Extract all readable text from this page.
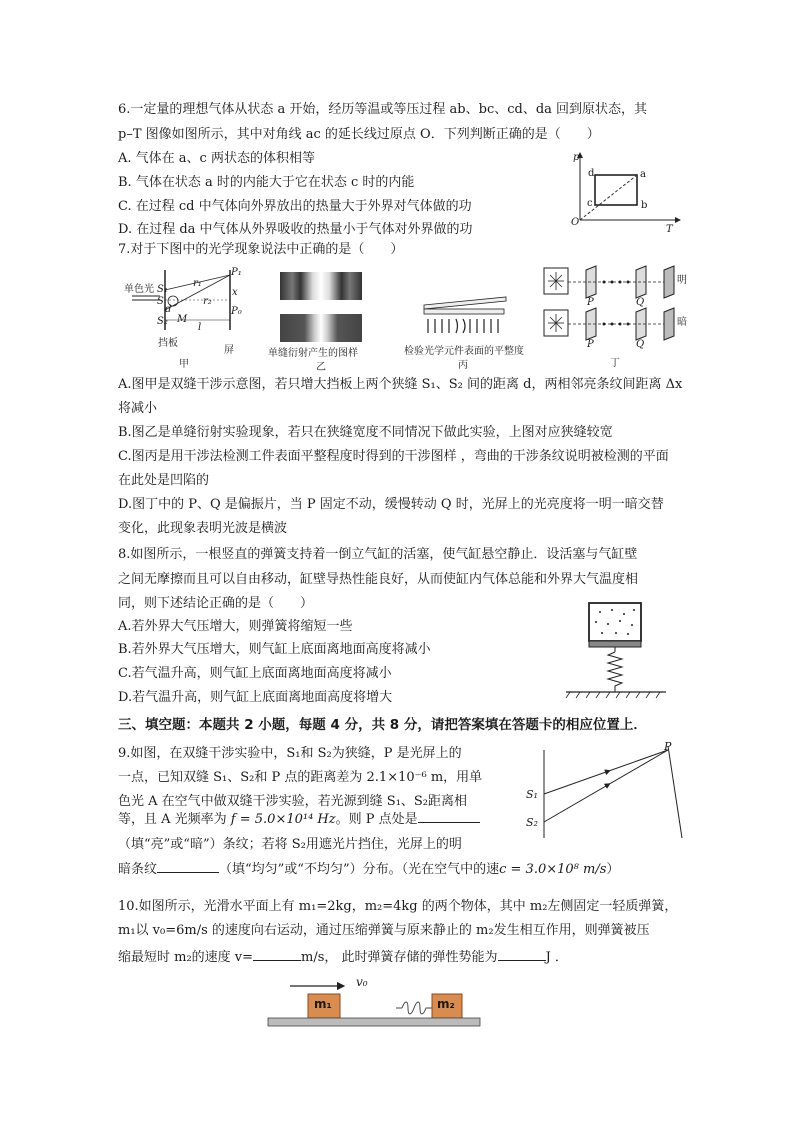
6.一定量的理想气体从状态 a 开始，经历等温或等压过程 ab、bc、cd、da 回到原状态，其
p–T 图像如图所示，其中对角线 ac 的延长线过原点 O．下列判断正确的是（　　）
A. 气体在 a、c 两状态的体积相等
B. 气体在状态 a 时的内能大于它在状态 c 时的内能
C. 在过程 cd 中气体向外界放出的热量大于外界对气体做的功
D. 在过程 da 中气体从外界吸收的热量小于气体对外界做的功
p
T
O
a
b
c
d
7.对于下图中的光学现象说法中正确的是（　　）
单色光 S₁
S₂
S
d
M
r₁
r₂
P₁
P₀
x
l
挡板
屏
甲
单缝衍射产生的图样
乙
检验光学元件表面的平整度
丙
P	Q
P	Q
明
暗
丁
A.图甲是双缝干涉示意图，若只增大挡板上两个狭缝 S₁、S₂ 间的距离 d，两相邻亮条纹间距离 Δx
将减小
B.图乙是单缝衍射实验现象，若只在狭缝宽度不同情况下做此实验，上图对应狭缝较宽
C.图丙是用干涉法检测工件表面平整程度时得到的干涉图样 ，弯曲的干涉条纹说明被检测的平面
在此处是凹陷的
D.图丁中的 P、Q 是偏振片，当 P 固定不动，缓慢转动 Q 时，光屏上的光亮度将一明一暗交替
变化，此现象表明光波是横波
8.如图所示，一根竖直的弹簧支持着一倒立气缸的活塞，使气缸悬空静止．设活塞与气缸壁
之间无摩擦而且可以自由移动，缸壁导热性能良好，从而使缸内气体总能和外界大气温度相
同，则下述结论正确的是（　　）
A.若外界大气压增大，则弹簧将缩短一些
B.若外界大气压增大，则气缸上底面离地面高度将减小
C.若气温升高，则气缸上底面离地面高度将减小
D.若气温升高，则气缸上底面离地面高度将增大
三、填空题：本题共 2 小题，每题 4 分，共 8 分，请把答案填在答题卡的相应位置上．
9.如图，在双缝干涉实验中，S₁和 S₂为狭缝，P 是光屏上的
一点，已知双缝 S₁、S₂和 P 点的距离差为 2.1×10⁻⁶ m，用单
色光 A 在空气中做双缝干涉实验，若光源到缝 S₁、S₂距离相
等，且 A 光频率为 f = 5.0×10¹⁴ Hz。则 P 点处是
（填“亮”或“暗”）条纹；若将 S₂用遮光片挡住，光屏上的明
暗条纹	（填“均匀”或“不均匀”）分布。（光在空气中的速c = 3.0×10⁸ m/s）
P
S₁
S₂
10.如图所示，光滑水平面上有 m₁=2kg，m₂=4kg 的两个物体，其中 m₂左侧固定一轻质弹簧，
m₁以 v₀=6m/s 的速度向右运动，通过压缩弹簧与原来静止的 m₂发生相互作用，则弹簧被压
缩最短时 m₂的速度 v=	m/s， 此时弹簧存储的弹性势能为	J ．
v₀
m₁	m₂
